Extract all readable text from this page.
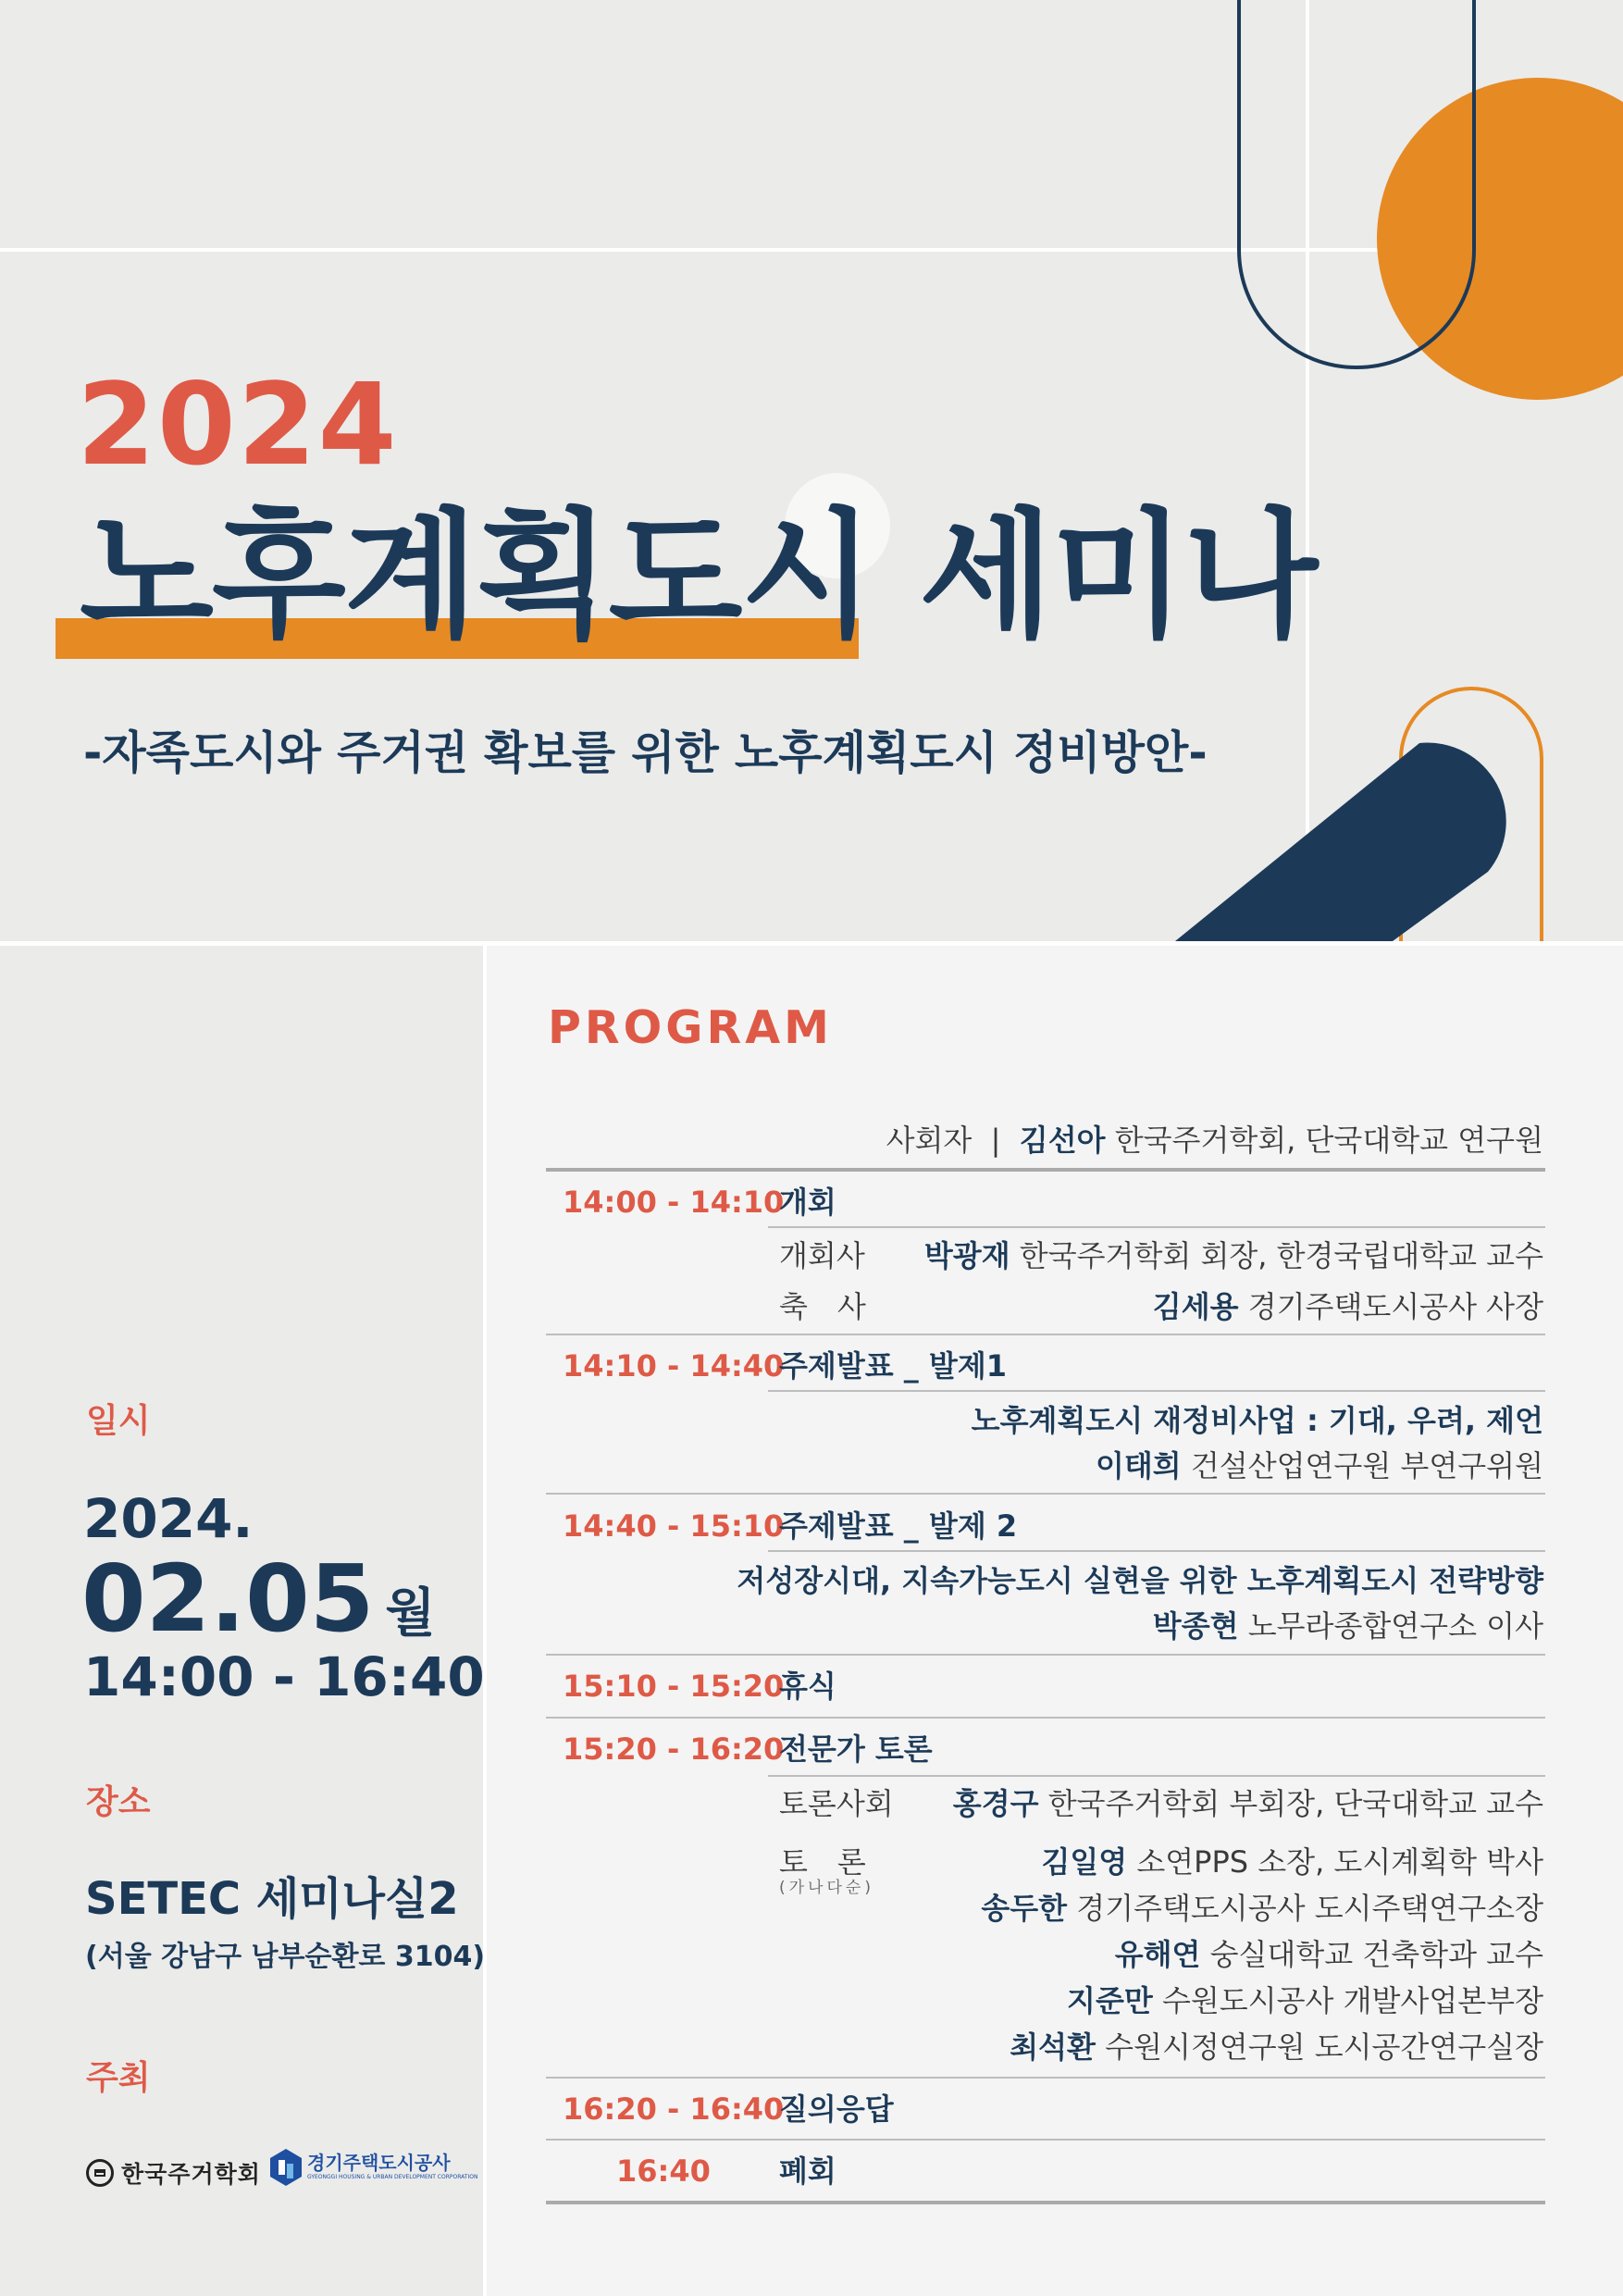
2024
노후계획도시 세미나
-자족도시와 주거권 확보를 위한 노후계획도시 정비방안-
일시
2024.
02.05 월
14:00 - 16:40
장소
SETEC 세미나실2
(서울 강남구 남부순환로 3104)
주최
한국주거학회	경기주택도시공사
GYEONGGI HOUSING & URBAN DEVELOPMENT CORPORATION
PROGRAM
사회자 | 김선아 한국주거학회, 단국대학교 연구원
14:00 - 14:10
개회
개회사 박광재 한국주거학회 회장, 한경국립대학교 교수
축　사	김세용 경기주택도시공사 사장
14:10 - 14:40
주제발표 _ 발제1
노후계획도시 재정비사업 : 기대, 우려, 제언
이태희 건설산업연구원 부연구위원
14:40 - 15:10
주제발표 _ 발제 2
저성장시대, 지속가능도시 실현을 위한 노후계획도시 전략방향
박종현 노무라종합연구소 이사
15:10 - 15:20
휴식
15:20 - 16:20
전문가 토론
토론사회 홍경구 한국주거학회 부회장, 단국대학교 교수
토　론
(가나다순)
김일영 소연PPS 소장, 도시계획학 박사
송두한 경기주택도시공사 도시주택연구소장
유해연 숭실대학교 건축학과 교수
지준만 수원도시공사 개발사업본부장
최석환 수원시정연구원 도시공간연구실장
16:20 - 16:40
질의응답
16:40 폐회
